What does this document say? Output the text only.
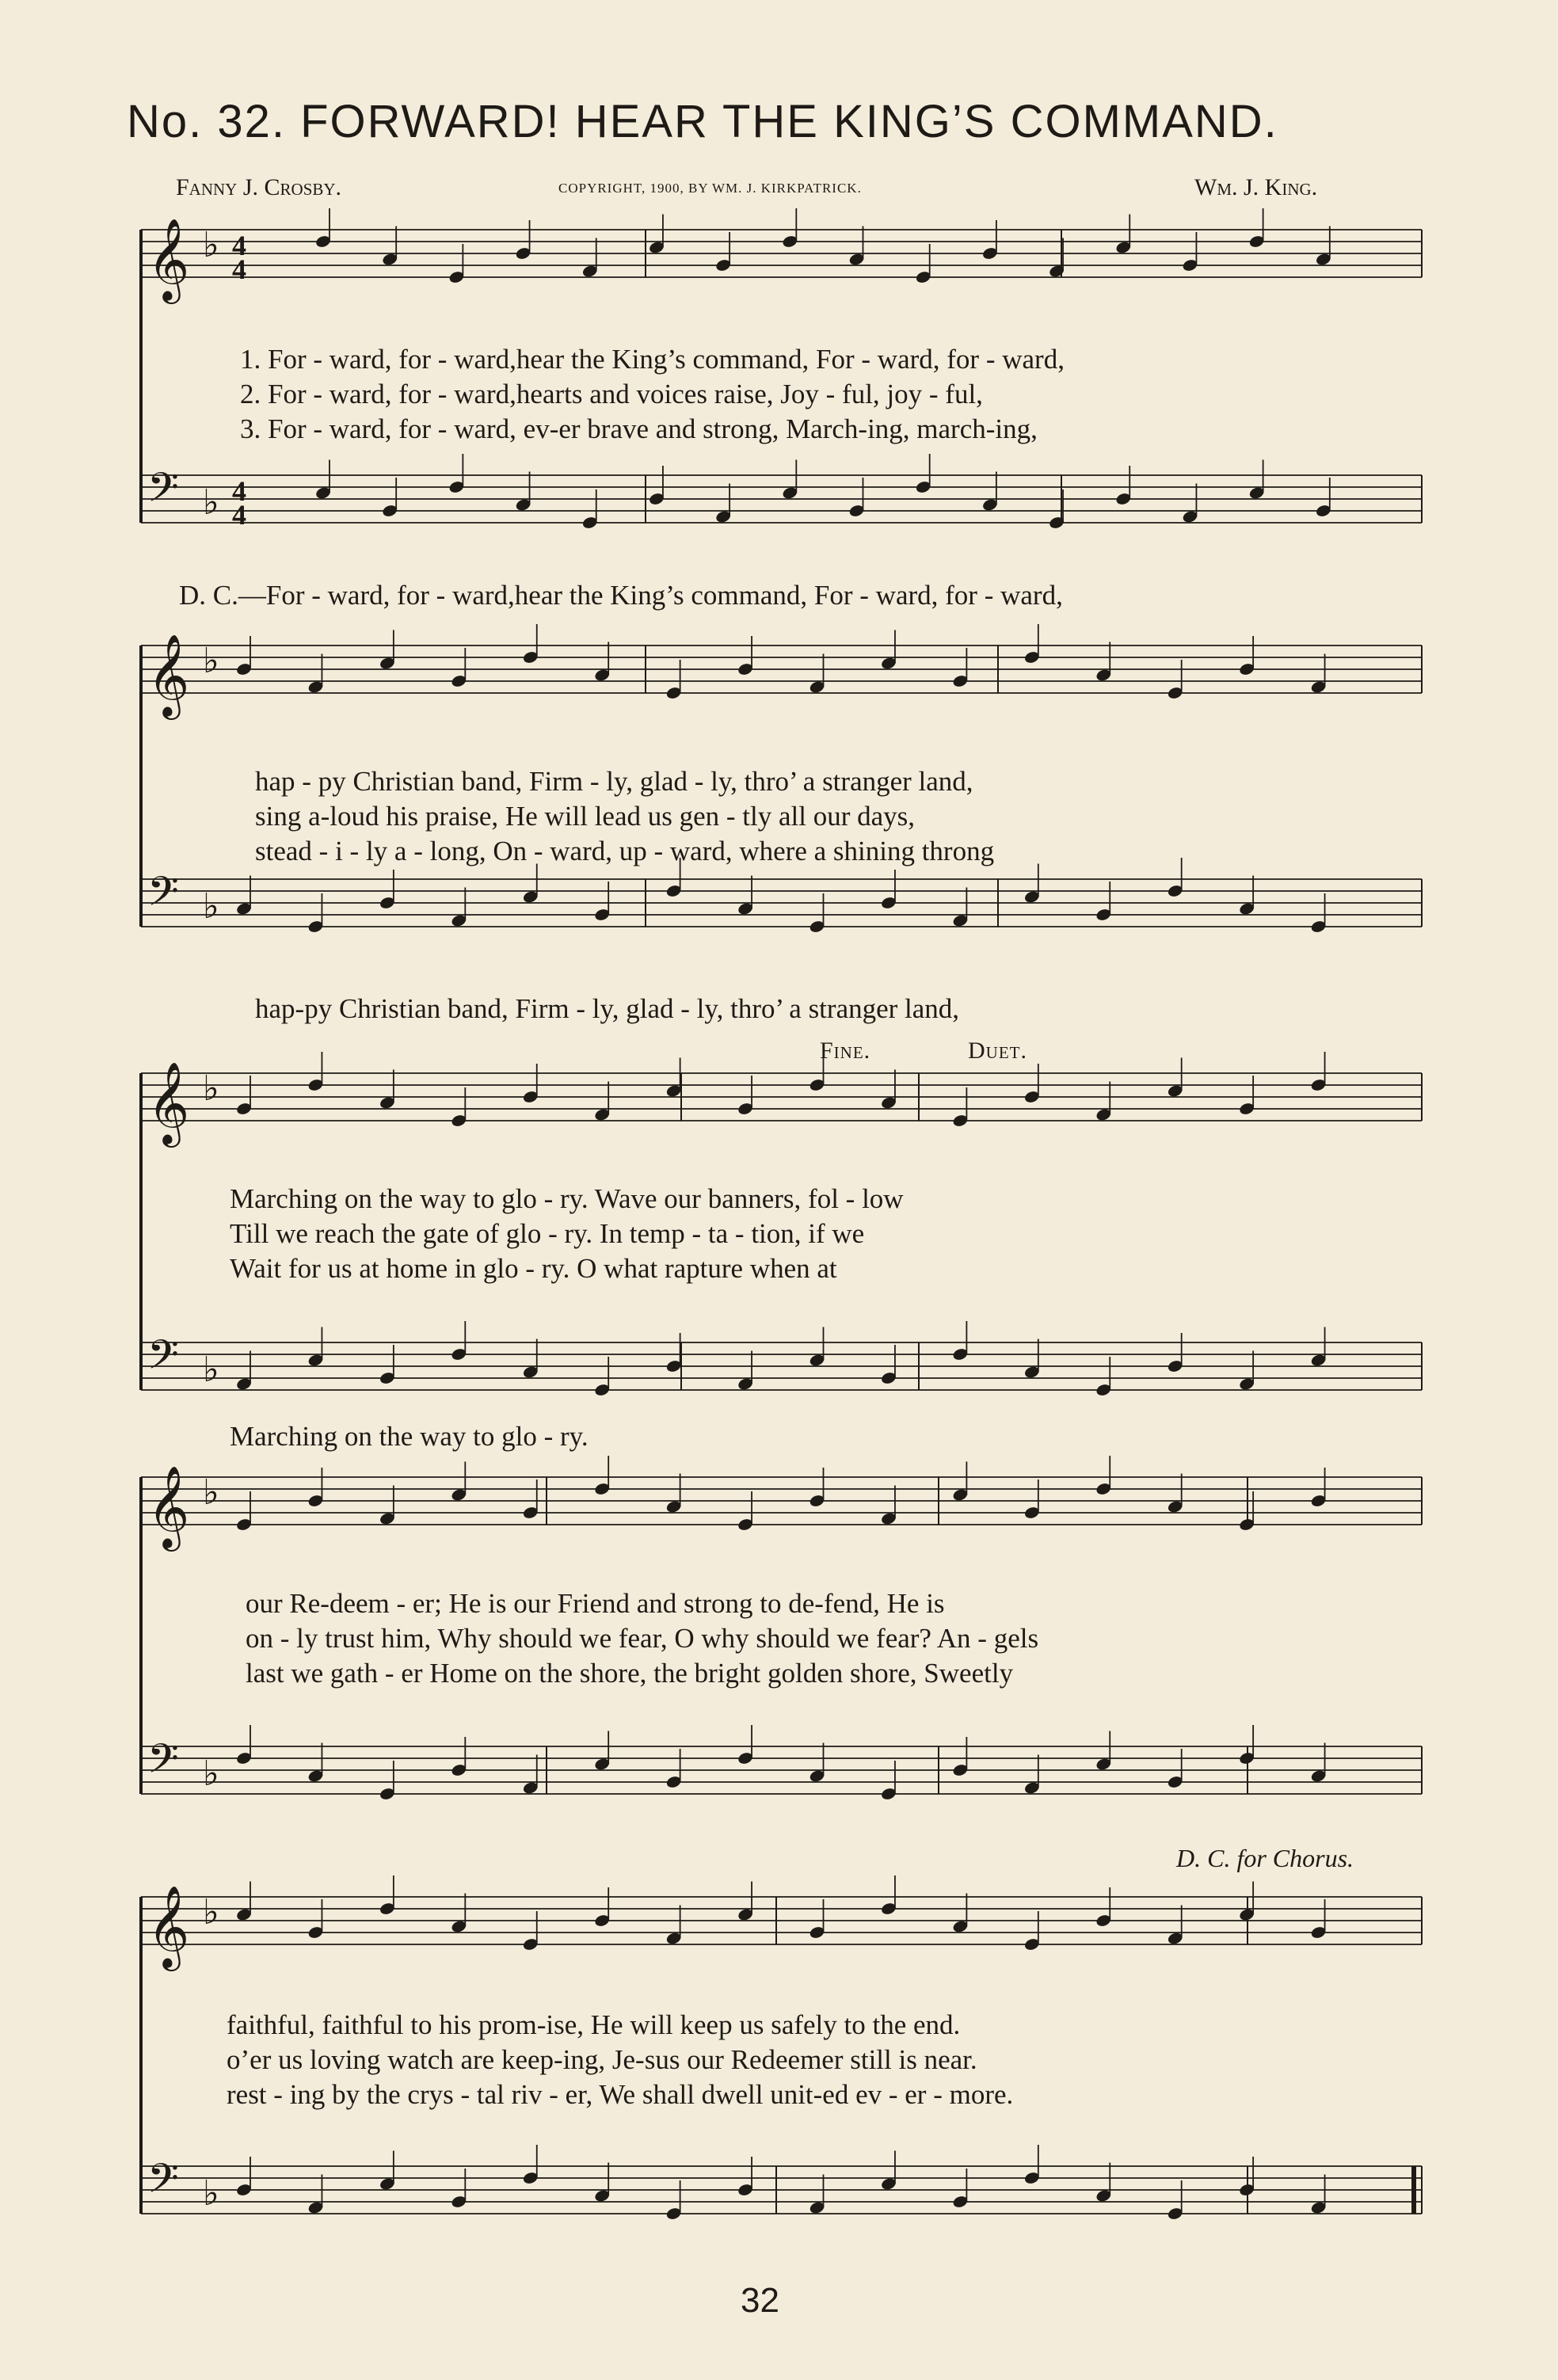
No. 32. FORWARD! HEAR THE KING’S COMMAND.
Fanny J. Crosby.	COPYRIGHT, 1900, BY WM. J. KIRKPATRICK.	Wm. J. King.
𝄞 ♭
𝄢 ♭
𝄞 ♭
𝄢 ♭
𝄞 ♭
𝄢 ♭
𝄞 ♭
𝄢 ♭
𝄞 ♭
𝄢 ♭
4
4
4
4
1. For - ward, for - ward,hear the King’s command, For - ward, for - ward,
2. For - ward, for - ward,hearts and voices raise, Joy - ful, joy - ful,
3. For - ward, for - ward, ev-er brave and strong, March-ing, march-ing,
D. C.—For - ward, for - ward,hear the King’s command, For - ward, for - ward,
hap - py Christian band, Firm - ly, glad - ly, thro’ a stranger land,
sing a-loud his praise, He will lead us gen - tly all our days,
stead - i - ly a - long, On - ward, up - ward, where a shining throng
hap-py Christian band, Firm - ly, glad - ly, thro’ a stranger land,
Fine.	Duet.
Marching on the way to glo - ry. Wave our banners, fol - low
Till we reach the gate of glo - ry. In temp - ta - tion, if we
Wait for us at home in glo - ry. O what rapture when at
Marching on the way to glo - ry.
our Re-deem - er; He is our Friend and strong to de-fend, He is
on - ly trust him, Why should we fear, O why should we fear? An - gels
last we gath - er Home on the shore, the bright golden shore, Sweetly
D. C. for Chorus.
faithful, faithful to his prom-ise, He will keep us safely to the end.
o’er us loving watch are keep-ing, Je-sus our Redeemer still is near.
rest - ing by the crys - tal riv - er, We shall dwell unit-ed ev - er - more.
32
